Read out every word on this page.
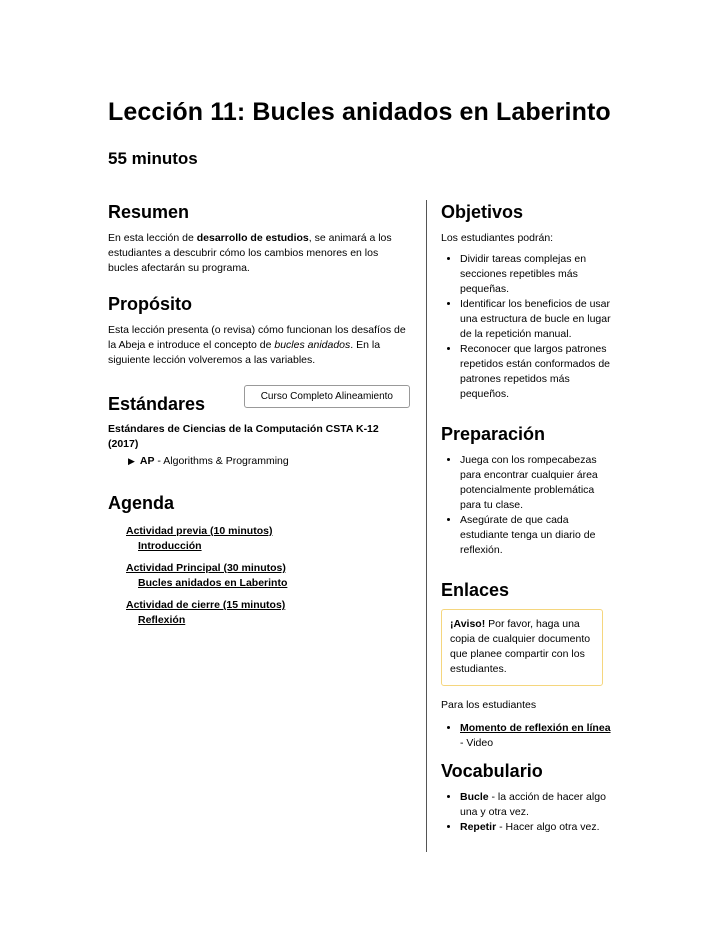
Lección 11: Bucles anidados en Laberinto
55 minutos
Resumen

En esta lección de desarrollo de estudios, se animará a los estudiantes a descubrir cómo los cambios menores en los bucles afectarán su programa.

Propósito

Esta lección presenta (o revisa) cómo funcionan los desafíos de la Abeja e introduce el concepto de bucles anidados. En la siguiente lección volveremos a las variables.

Estándares	Curso Completo Alineamiento
Estándares de Ciencias de la Computación CSTA K-12 (2017)
▶ AP - Algorithms & Programming
Agenda
Actividad previa (10 minutos)
Introducción
Actividad Principal (30 minutos)
Bucles anidados en Laberinto
Actividad de cierre (15 minutos)
Reflexión
Objetivos

Los estudiantes podrán:

• Dividir tareas complejas en secciones repetibles más pequeñas.
• Identificar los beneficios de usar una estructura de bucle en lugar de la repetición manual.
• Reconocer que largos patrones repetidos están conformados de patrones repetidos más pequeños.
Preparación
• Juega con los rompecabezas para encontrar cualquier área potencialmente problemática para tu clase.
• Asegúrate de que cada estudiante tenga un diario de reflexión.
Enlaces
¡Aviso! Por favor, haga una copia de cualquier documento que planee compartir con los estudiantes.

Para los estudiantes

• Momento de reflexión en línea - Video
Vocabulario
• Bucle - la acción de hacer algo una y otra vez.
• Repetir - Hacer algo otra vez.
